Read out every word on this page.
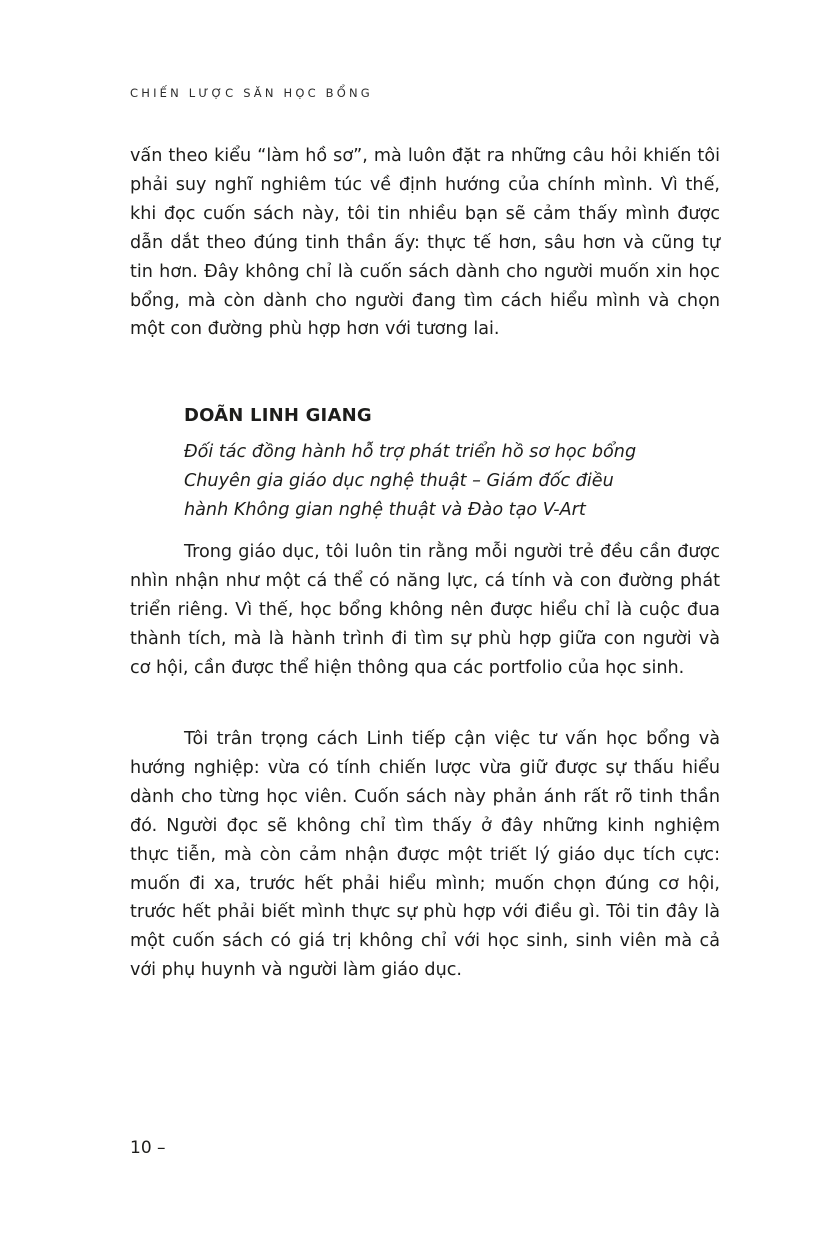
CHIẾN LƯỢC SĂN HỌC BỔNG
vấn theo kiểu “làm hồ sơ”, mà luôn đặt ra những câu hỏi khiến tôi phải suy nghĩ nghiêm túc về định hướng của chính mình. Vì thế, khi đọc cuốn sách này, tôi tin nhiều bạn sẽ cảm thấy mình được dẫn dắt theo đúng tinh thần ấy: thực tế hơn, sâu hơn và cũng tự tin hơn. Đây không chỉ là cuốn sách dành cho người muốn xin học bổng, mà còn dành cho người đang tìm cách hiểu mình và chọn một con đường phù hợp hơn với tương lai.
DOÃN LINH GIANG
Đối tác đồng hành hỗ trợ phát triển hồ sơ học bổng
Chuyên gia giáo dục nghệ thuật – Giám đốc điều
hành Không gian nghệ thuật và Đào tạo V-Art
Trong giáo dục, tôi luôn tin rằng mỗi người trẻ đều cần được nhìn nhận như một cá thể có năng lực, cá tính và con đường phát triển riêng. Vì thế, học bổng không nên được hiểu chỉ là cuộc đua thành tích, mà là hành trình đi tìm sự phù hợp giữa con người và cơ hội, cần được thể hiện thông qua các portfolio của học sinh.
Tôi trân trọng cách Linh tiếp cận việc tư vấn học bổng và hướng nghiệp: vừa có tính chiến lược vừa giữ được sự thấu hiểu dành cho từng học viên. Cuốn sách này phản ánh rất rõ tinh thần đó. Người đọc sẽ không chỉ tìm thấy ở đây những kinh nghiệm thực tiễn, mà còn cảm nhận được một triết lý giáo dục tích cực: muốn đi xa, trước hết phải hiểu mình; muốn chọn đúng cơ hội, trước hết phải biết mình thực sự phù hợp với điều gì. Tôi tin đây là một cuốn sách có giá trị không chỉ với học sinh, sinh viên mà cả với phụ huynh và người làm giáo dục.
10 –
